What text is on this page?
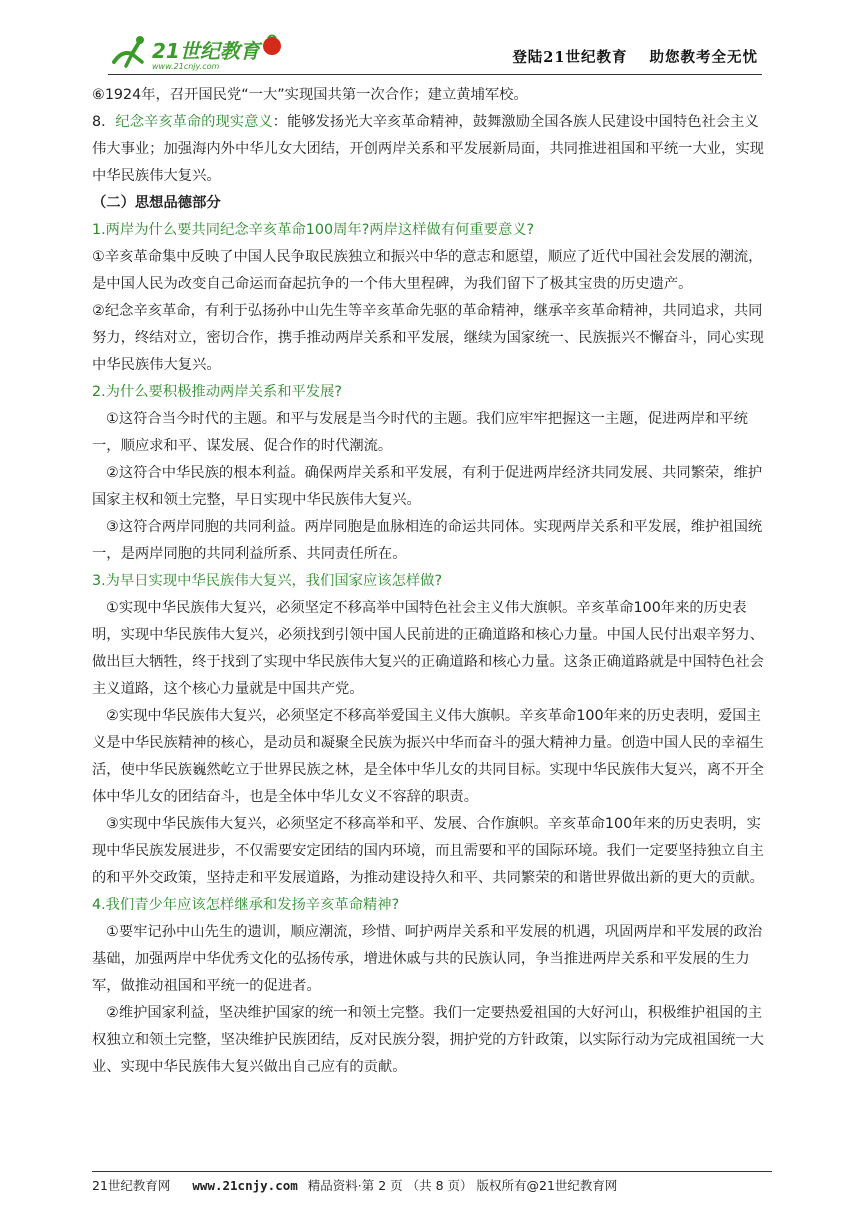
21世纪教育
www.21cnjy.com
登陆21世纪教育 助您教考全无忧

⑥1924年，召开国民党“一大”实现国共第一次合作；建立黄埔军校。

8．纪念辛亥革命的现实意义：能够发扬光大辛亥革命精神，鼓舞激励全国各族人民建设中国特色社会主义伟大事业；加强海内外中华儿女大团结，开创两岸关系和平发展新局面，共同推进祖国和平统一大业，实现中华民族伟大复兴。

（二）思想品德部分

1.两岸为什么要共同纪念辛亥革命100周年?两岸这样做有何重要意义?

①辛亥革命集中反映了中国人民争取民族独立和振兴中华的意志和愿望，顺应了近代中国社会发展的潮流，是中国人民为改变自己命运而奋起抗争的一个伟大里程碑，为我们留下了极其宝贵的历史遗产。

②纪念辛亥革命，有利于弘扬孙中山先生等辛亥革命先驱的革命精神，继承辛亥革命精神，共同追求，共同努力，终结对立，密切合作，携手推动两岸关系和平发展，继续为国家统一、民族振兴不懈奋斗，同心实现中华民族伟大复兴。

2.为什么要积极推动两岸关系和平发展?

①这符合当今时代的主题。和平与发展是当今时代的主题。我们应牢牢把握这一主题，促进两岸和平统一，顺应求和平、谋发展、促合作的时代潮流。

②这符合中华民族的根本利益。确保两岸关系和平发展，有利于促进两岸经济共同发展、共同繁荣，维护国家主权和领土完整，早日实现中华民族伟大复兴。

③这符合两岸同胞的共同利益。两岸同胞是血脉相连的命运共同体。实现两岸关系和平发展，维护祖国统一，是两岸同胞的共同利益所系、共同责任所在。

3.为早日实现中华民族伟大复兴，我们国家应该怎样做?

①实现中华民族伟大复兴，必须坚定不移高举中国特色社会主义伟大旗帜。辛亥革命100年来的历史表明，实现中华民族伟大复兴，必须找到引领中国人民前进的正确道路和核心力量。中国人民付出艰辛努力、做出巨大牺牲，终于找到了实现中华民族伟大复兴的正确道路和核心力量。这条正确道路就是中国特色社会主义道路，这个核心力量就是中国共产党。

②实现中华民族伟大复兴，必须坚定不移高举爱国主义伟大旗帜。辛亥革命100年来的历史表明，爱国主义是中华民族精神的核心，是动员和凝聚全民族为振兴中华而奋斗的强大精神力量。创造中国人民的幸福生活，使中华民族巍然屹立于世界民族之林，是全体中华儿女的共同目标。实现中华民族伟大复兴，离不开全体中华儿女的团结奋斗，也是全体中华儿女义不容辞的职责。

③实现中华民族伟大复兴，必须坚定不移高举和平、发展、合作旗帜。辛亥革命100年来的历史表明，实现中华民族发展进步，不仅需要安定团结的国内环境，而且需要和平的国际环境。我们一定要坚持独立自主的和平外交政策，坚持走和平发展道路，为推动建设持久和平、共同繁荣的和谐世界做出新的更大的贡献。

4.我们青少年应该怎样继承和发扬辛亥革命精神?

①要牢记孙中山先生的遗训，顺应潮流，珍惜、呵护两岸关系和平发展的机遇，巩固两岸和平发展的政治基础，加强两岸中华优秀文化的弘扬传承，增进休戚与共的民族认同，争当推进两岸关系和平发展的生力军，做推动祖国和平统一的促进者。

②维护国家利益，坚决维护国家的统一和领土完整。我们一定要热爱祖国的大好河山，积极维护祖国的主权独立和领土完整，坚决维护民族团结，反对民族分裂，拥护党的方针政策，以实际行动为完成祖国统一大业、实现中华民族伟大复兴做出自己应有的贡献。

21世纪教育网 www.21cnjy.com 精品资料·第 2 页 （共 8 页） 版权所有@21世纪教育网
